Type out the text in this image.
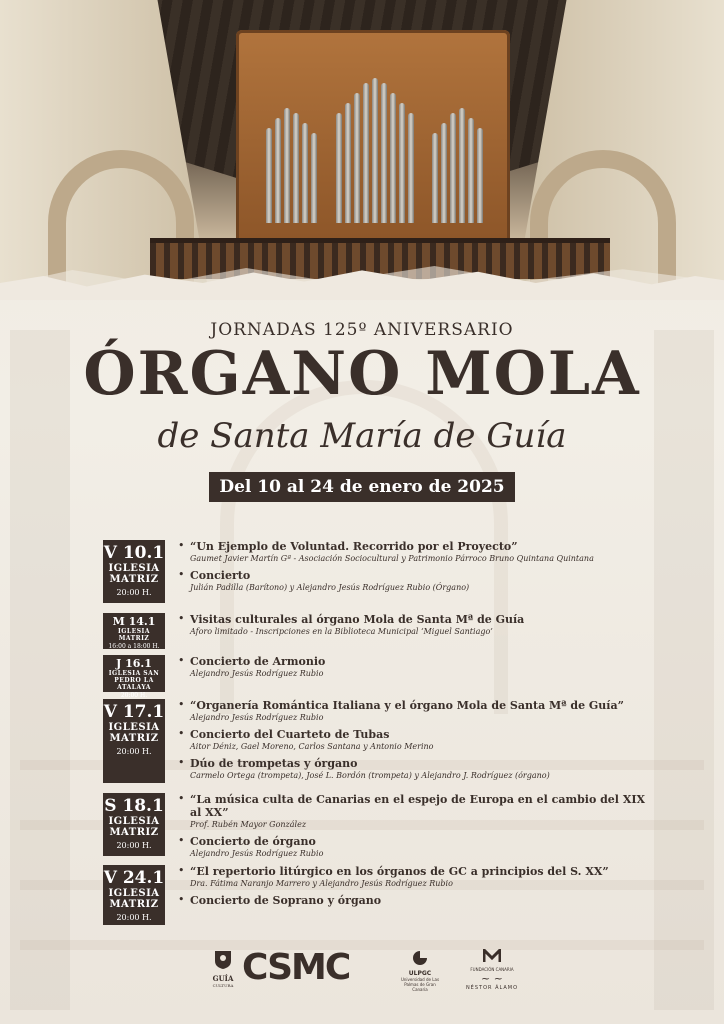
JORNADAS 125º ANIVERSARIO

ÓRGANO MOLA

de Santa María de Guía
Del 10 al 24 de enero de 2025
V 10.1
IGLESIA MATRIZ
20:00 H.
• “Un Ejemplo de Voluntad. Recorrido por el Proyecto”
Gaumet Javier Martín Gª - Asociación Sociocultural y Patrimonio Párroco Bruno Quintana Quintana
• Concierto
Julián Padilla (Barítono) y Alejandro Jesús Rodríguez Rubio (Órgano)
M 14.1
IGLESIA MATRIZ
16:00 a 18:00 H.
• Visitas culturales al órgano Mola de Santa Mª de Guía
Aforo limitado - Inscripciones en la Biblioteca Municipal ‘Miguel Santiago’
J 16.1
IGLESIA SAN PEDRO LA ATALAYA
20:00 H.
• Concierto de Armonio
Alejandro Jesús Rodríguez Rubio
V 17.1
IGLESIA MATRIZ
20:00 H.
• “Organería Romántica Italiana y el órgano Mola de Santa Mª de Guía”
Alejandro Jesús Rodríguez Rubio
• Concierto del Cuarteto de Tubas
Aitor Déniz, Gael Moreno, Carlos Santana y Antonio Merino
• Dúo de trompetas y órgano
Carmelo Ortega (trompeta), José L. Bordón (trompeta) y Alejandro J. Rodríguez (órgano)
S 18.1
IGLESIA MATRIZ
20:00 H.
• “La música culta de Canarias en el espejo de Europa en el cambio del XIX al XX”
Prof. Rubén Mayor González
• Concierto de órgano
Alejandro Jesús Rodríguez Rubio
V 24.1
IGLESIA MATRIZ
20:00 H.
• “El repertorio litúrgico en los órganos de GC a principios del S. XX”
Dra. Fátima Naranjo Marrero y Alejandro Jesús Rodríguez Rubio
• Concierto de Soprano y órgano
GUÍA
CULTURA CSMC	ULPGC
Universidad de Las Palmas de Gran Canaria
FUNDACIÓN CANARIA
~ ~
NÉSTOR ÁLAMO
